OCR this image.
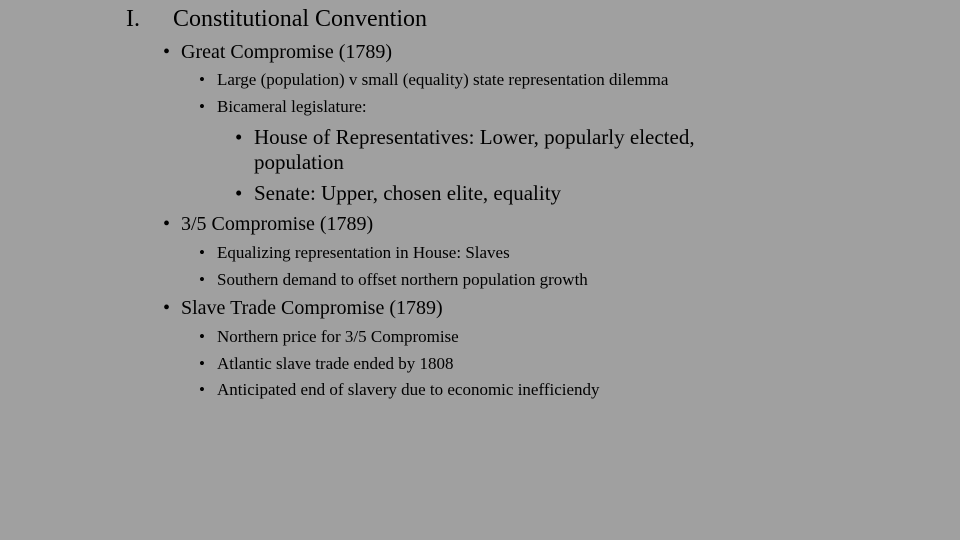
I. Constitutional Convention
• Great Compromise (1789)
• Large (population) v small (equality) state representation dilemma
• Bicameral legislature:
• House of Representatives: Lower, popularly elected,
population
• Senate: Upper, chosen elite, equality
• 3/5 Compromise (1789)
• Equalizing representation in House: Slaves
• Southern demand to offset northern population growth
• Slave Trade Compromise (1789)
• Northern price for 3/5 Compromise
• Atlantic slave trade ended by 1808
• Anticipated end of slavery due to economic inefficiendy
